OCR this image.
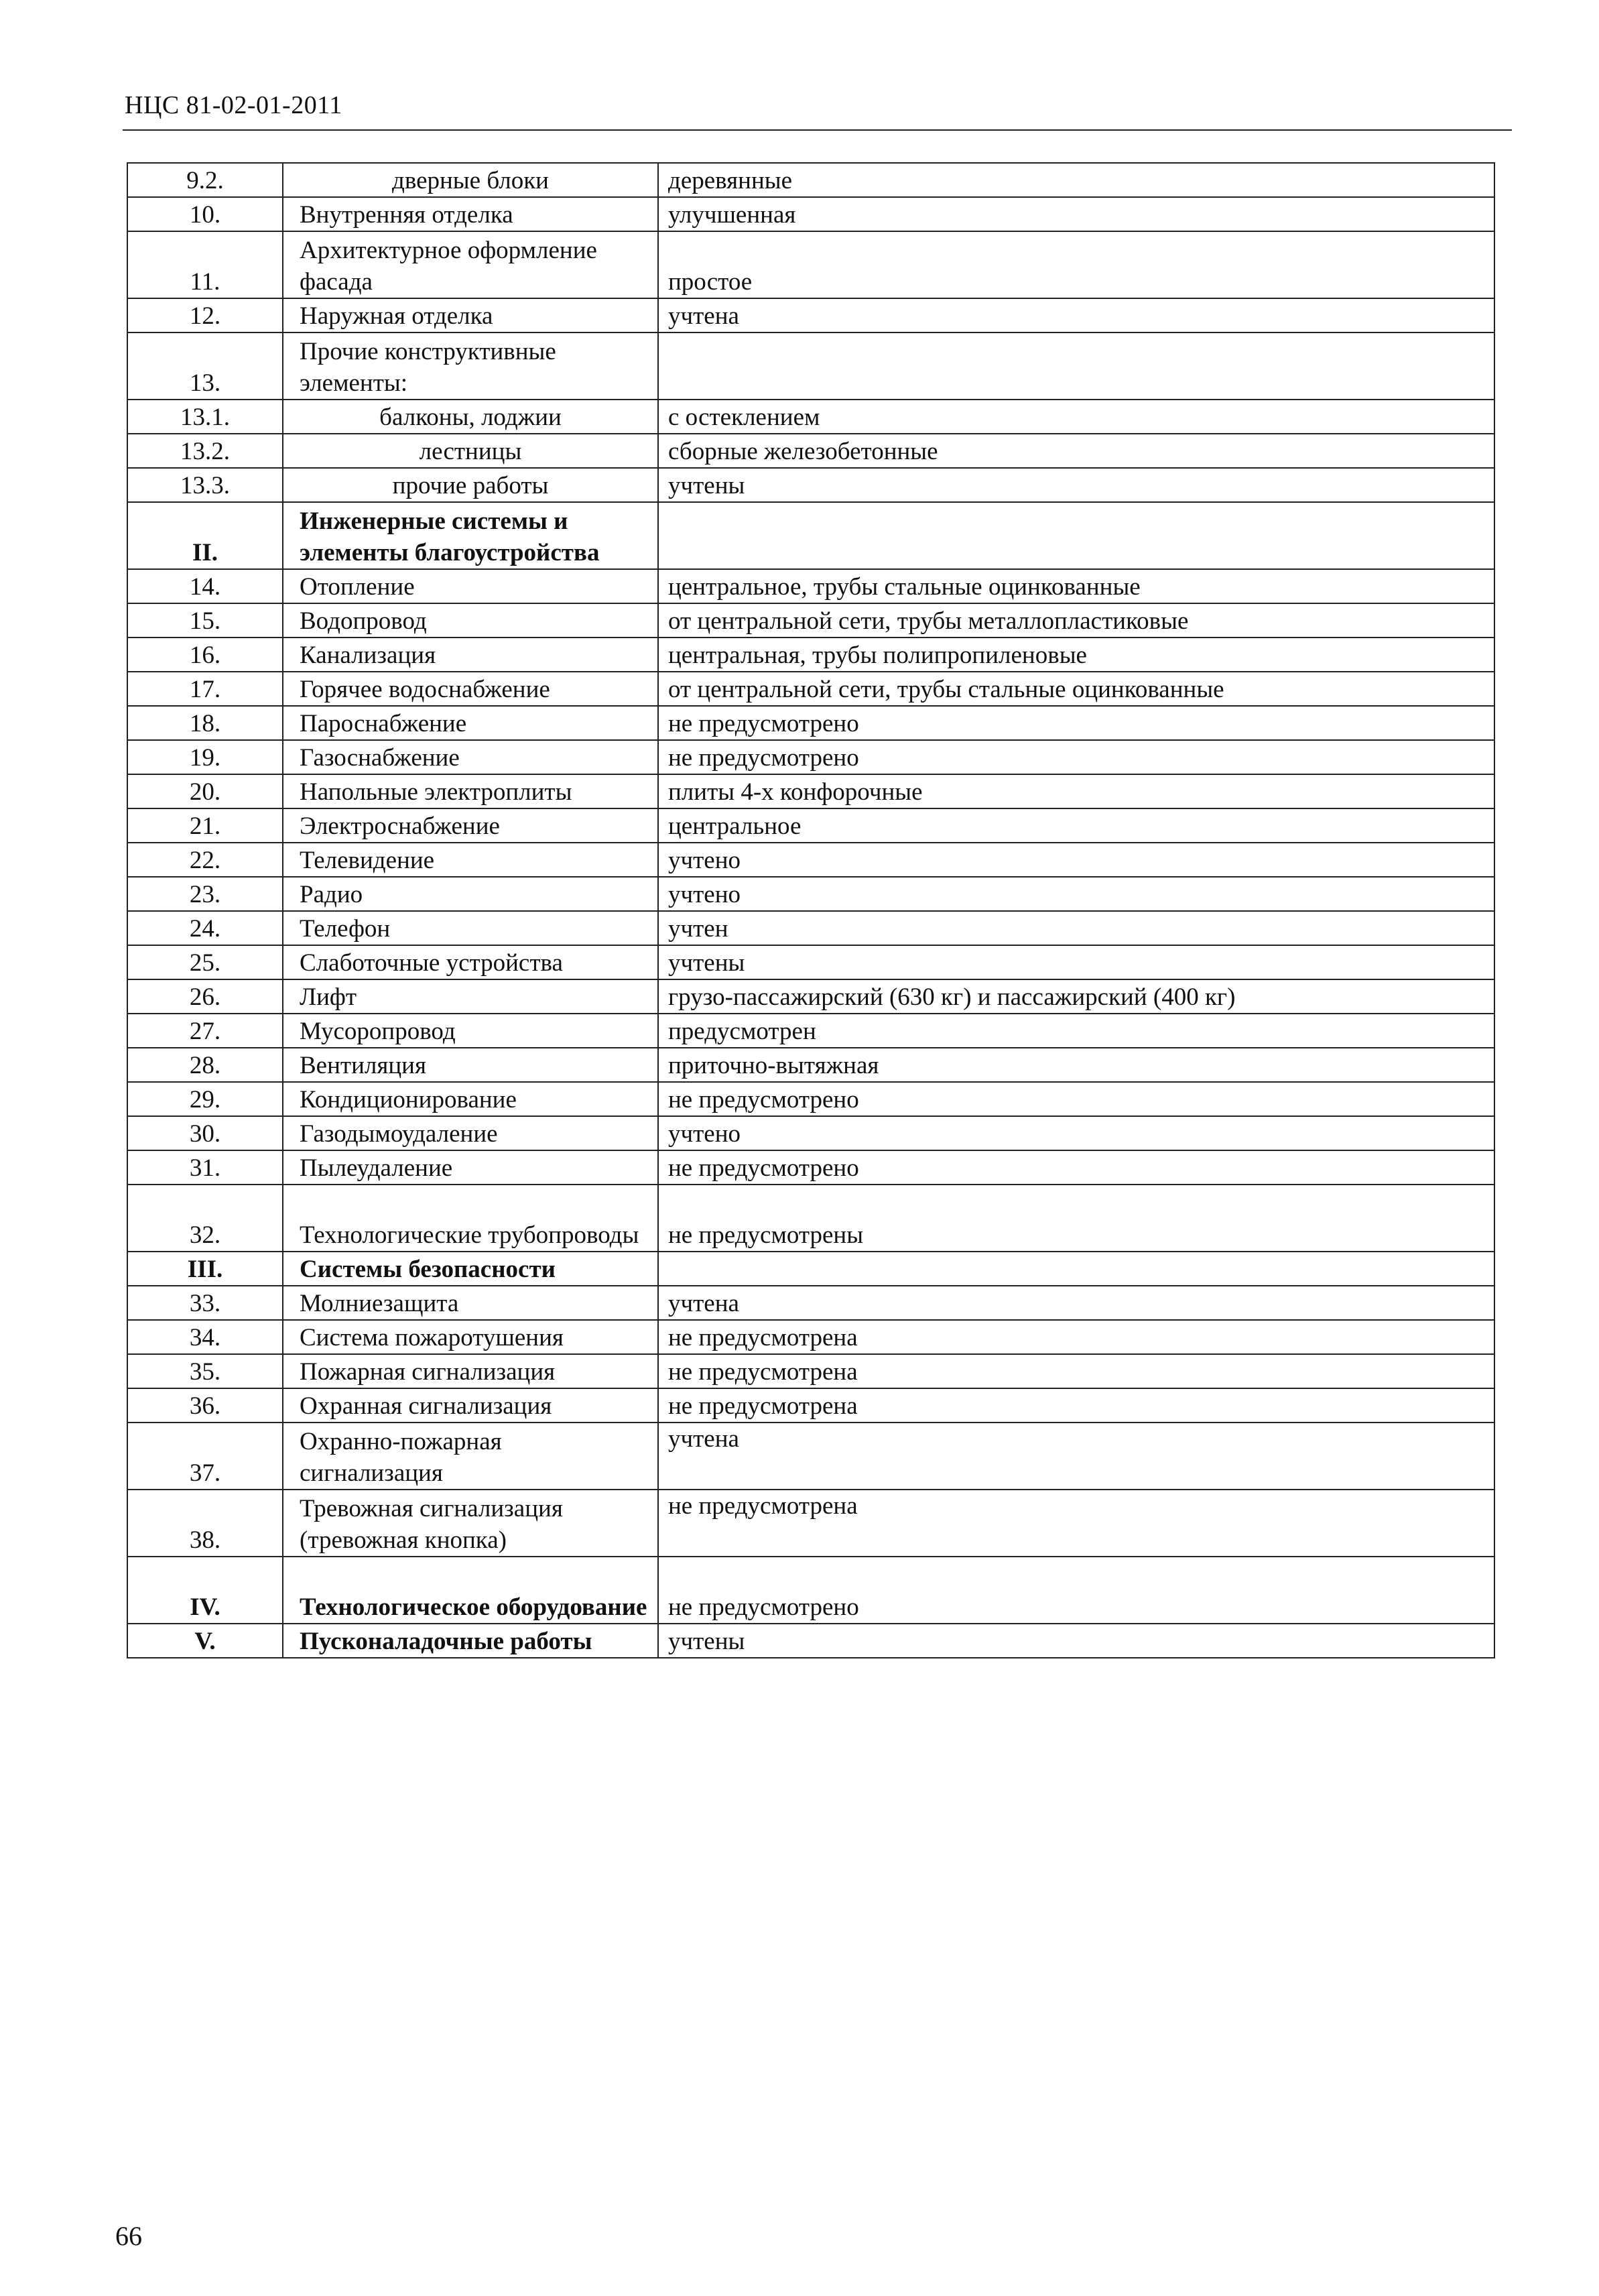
НЦС 81-02-01-2011
9.2.	дверные блоки	деревянные
10.	Внутренняя отделка	улучшенная
11.	Архитектурное оформление фасада	простое
12.	Наружная отделка	учтена
13.	Прочие конструктивные элементы:	
13.1.	балконы, лоджии	с остеклением
13.2.	лестницы	сборные железобетонные
13.3.	прочие работы	учтены
II.	Инженерные системы и элементы благоустройства	
14.	Отопление	центральное, трубы стальные оцинкованные
15.	Водопровод	от центральной сети, трубы металлопластиковые
16.	Канализация	центральная, трубы полипропиленовые
17.	Горячее водоснабжение	от центральной сети, трубы стальные оцинкованные
18.	Пароснабжение	не предусмотрено
19.	Газоснабжение	не предусмотрено
20.	Напольные электроплиты	плиты 4-х конфорочные
21.	Электроснабжение	центральное
22.	Телевидение	учтено
23.	Радио	учтено
24.	Телефон	учтен
25.	Слаботочные устройства	учтены
26.	Лифт	грузо-пассажирский (630 кг) и пассажирский (400 кг)
27.	Мусоропровод	предусмотрен
28.	Вентиляция	приточно-вытяжная
29.	Кондиционирование	не предусмотрено
30.	Газодымоудаление	учтено
31.	Пылеудаление	не предусмотрено
32.	Технологические трубопроводы	не предусмотрены
III.	Системы безопасности	
33.	Молниезащита	учтена
34.	Система пожаротушения	не предусмотрена
35.	Пожарная сигнализация	не предусмотрена
36.	Охранная сигнализация	не предусмотрена
37.	Охранно-пожарная сигнализация	учтена
38.	Тревожная сигнализация (тревожная кнопка)	не предусмотрена
IV.	Технологическое оборудование	не предусмотрено
V.	Пусконаладочные работы	учтены
66
